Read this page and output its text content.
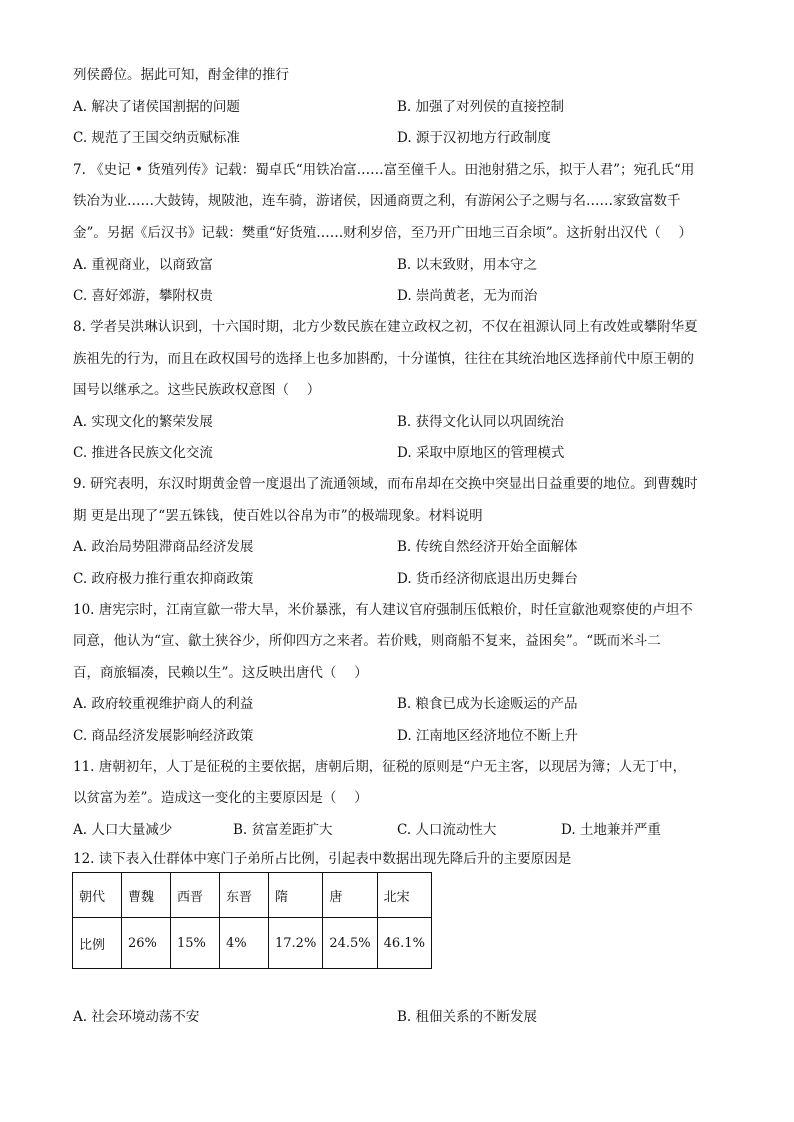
列侯爵位。据此可知，酎金律的推行
A. 解决了诸侯国割据的问题	B. 加强了对列侯的直接控制
C. 规范了王国交纳贡赋标准	D. 源于汉初地方行政制度
7. 《史记 • 货殖列传》记载：蜀卓氏“用铁冶富……富至僮千人。田池射猎之乐，拟于人君”；宛孔氏“用
铁冶为业……大鼓铸，规陂池，连车骑，游诸侯，因通商贾之利，有游闲公子之赐与名……家致富数千
金”。另据《后汉书》记载：樊重“好货殖……财利岁倍，至乃开广田地三百余顷”。这折射出汉代（　 ）
A. 重视商业，以商致富	B. 以末致财，用本守之
C. 喜好郊游，攀附权贵	D. 崇尚黄老，无为而治
8. 学者吴洪琳认识到，十六国时期，北方少数民族在建立政权之初，不仅在祖源认同上有改姓或攀附华夏
族祖先的行为，而且在政权国号的选择上也多加斟酌，十分谨慎，往往在其统治地区选择前代中原王朝的
国号以继承之。这些民族政权意图（　 ）
A. 实现文化的繁荣发展	B. 获得文化认同以巩固统治
C. 推进各民族文化交流	D. 采取中原地区的管理模式
9. 研究表明，东汉时期黄金曾一度退出了流通领域，而布帛却在交换中突显出日益重要的地位。到曹魏时
期 更是出现了“罢五铢钱，使百姓以谷帛为市”的极端现象。材料说明
A. 政治局势阻滞商品经济发展	B. 传统自然经济开始全面解体
C. 政府极力推行重农抑商政策	D. 货币经济彻底退出历史舞台
10. 唐宪宗时，江南宣歙一带大旱，米价暴涨，有人建议官府强制压低粮价，时任宣歙池观察使的卢坦不
同意，他认为“宣、歙土狭谷少，所仰四方之来者。若价贱，则商船不复来，益困矣”。“既而米斗二
百，商旅辐凑，民赖以生”。这反映出唐代（　 ）
A. 政府较重视维护商人的利益	B. 粮食已成为长途贩运的产品
C. 商品经济发展影响经济政策	D. 江南地区经济地位不断上升
11. 唐朝初年，人丁是征税的主要依据，唐朝后期，征税的原则是“户无主客，以现居为簿；人无丁中，
以贫富为差”。造成这一变化的主要原因是（　 ）
A. 人口大量减少	B. 贫富差距扩大	C. 人口流动性大	D. 土地兼并严重
12. 读下表入仕群体中寒门子弟所占比例，引起表中数据出现先降后升的主要原因是
朝代	曹魏	西晋	东晋	隋	唐	北宋
比例	26%	15%	4%	17.2%	24.5%	46.1%
A. 社会环境动荡不安	B. 租佃关系的不断发展
